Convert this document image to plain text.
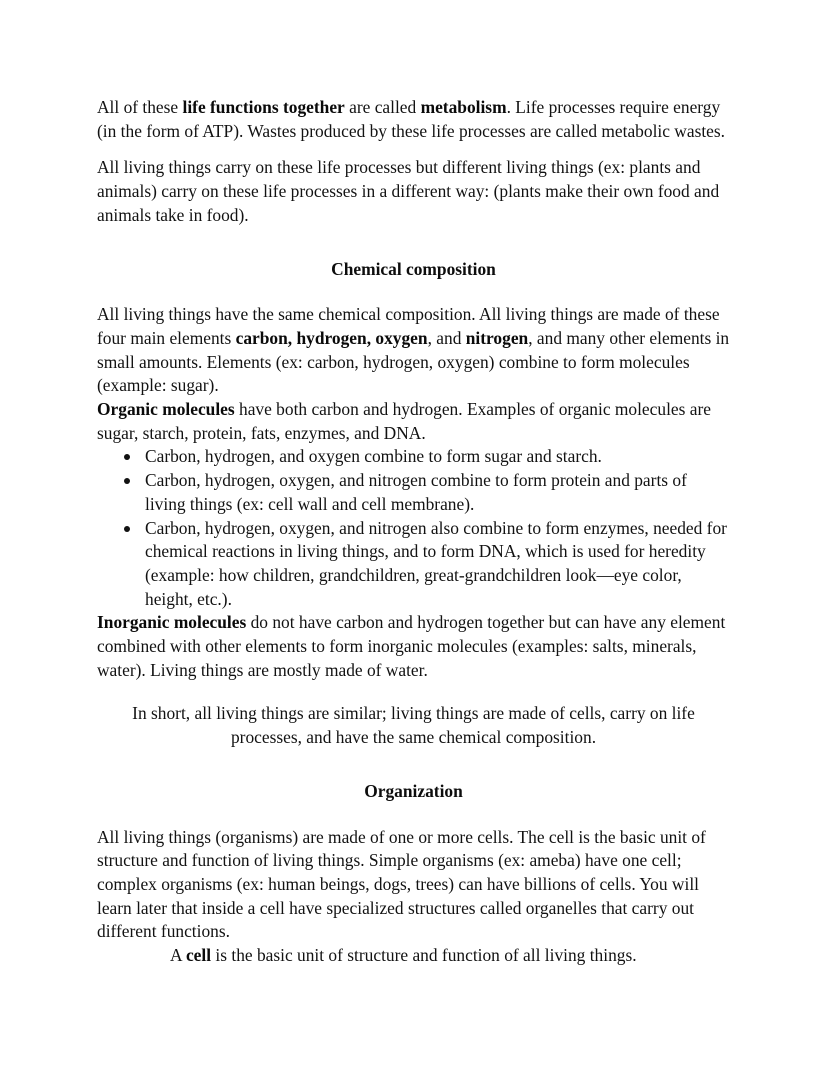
All of these life functions together are called metabolism. Life processes require energy (in the form of ATP). Wastes produced by these life processes are called metabolic wastes.

All living things carry on these life processes but different living things (ex: plants and animals) carry on these life processes in a different way: (plants make their own food and animals take in food).

Chemical composition

All living things have the same chemical composition. All living things are made of these four main elements carbon, hydrogen, oxygen, and nitrogen, and many other elements in small amounts. Elements (ex: carbon, hydrogen, oxygen) combine to form molecules (example: sugar).

Organic molecules have both carbon and hydrogen. Examples of organic molecules are sugar, starch, protein, fats, enzymes, and DNA.

Carbon, hydrogen, and oxygen combine to form sugar and starch.
Carbon, hydrogen, oxygen, and nitrogen combine to form protein and parts of living things (ex: cell wall and cell membrane).
Carbon, hydrogen, oxygen, and nitrogen also combine to form enzymes, needed for chemical reactions in living things, and to form DNA, which is used for heredity (example: how children, grandchildren, great-grandchildren look—eye color, height, etc.).

Inorganic molecules do not have carbon and hydrogen together but can have any element combined with other elements to form inorganic molecules (examples: salts, minerals, water). Living things are mostly made of water.

In short, all living things are similar; living things are made of cells, carry on life processes, and have the same chemical composition.
Organization

All living things (organisms) are made of one or more cells. The cell is the basic unit of structure and function of living things. Simple organisms (ex: ameba) have one cell; complex organisms (ex: human beings, dogs, trees) can have billions of cells. You will learn later that inside a cell have specialized structures called organelles that carry out different functions.

A cell is the basic unit of structure and function of all living things.
